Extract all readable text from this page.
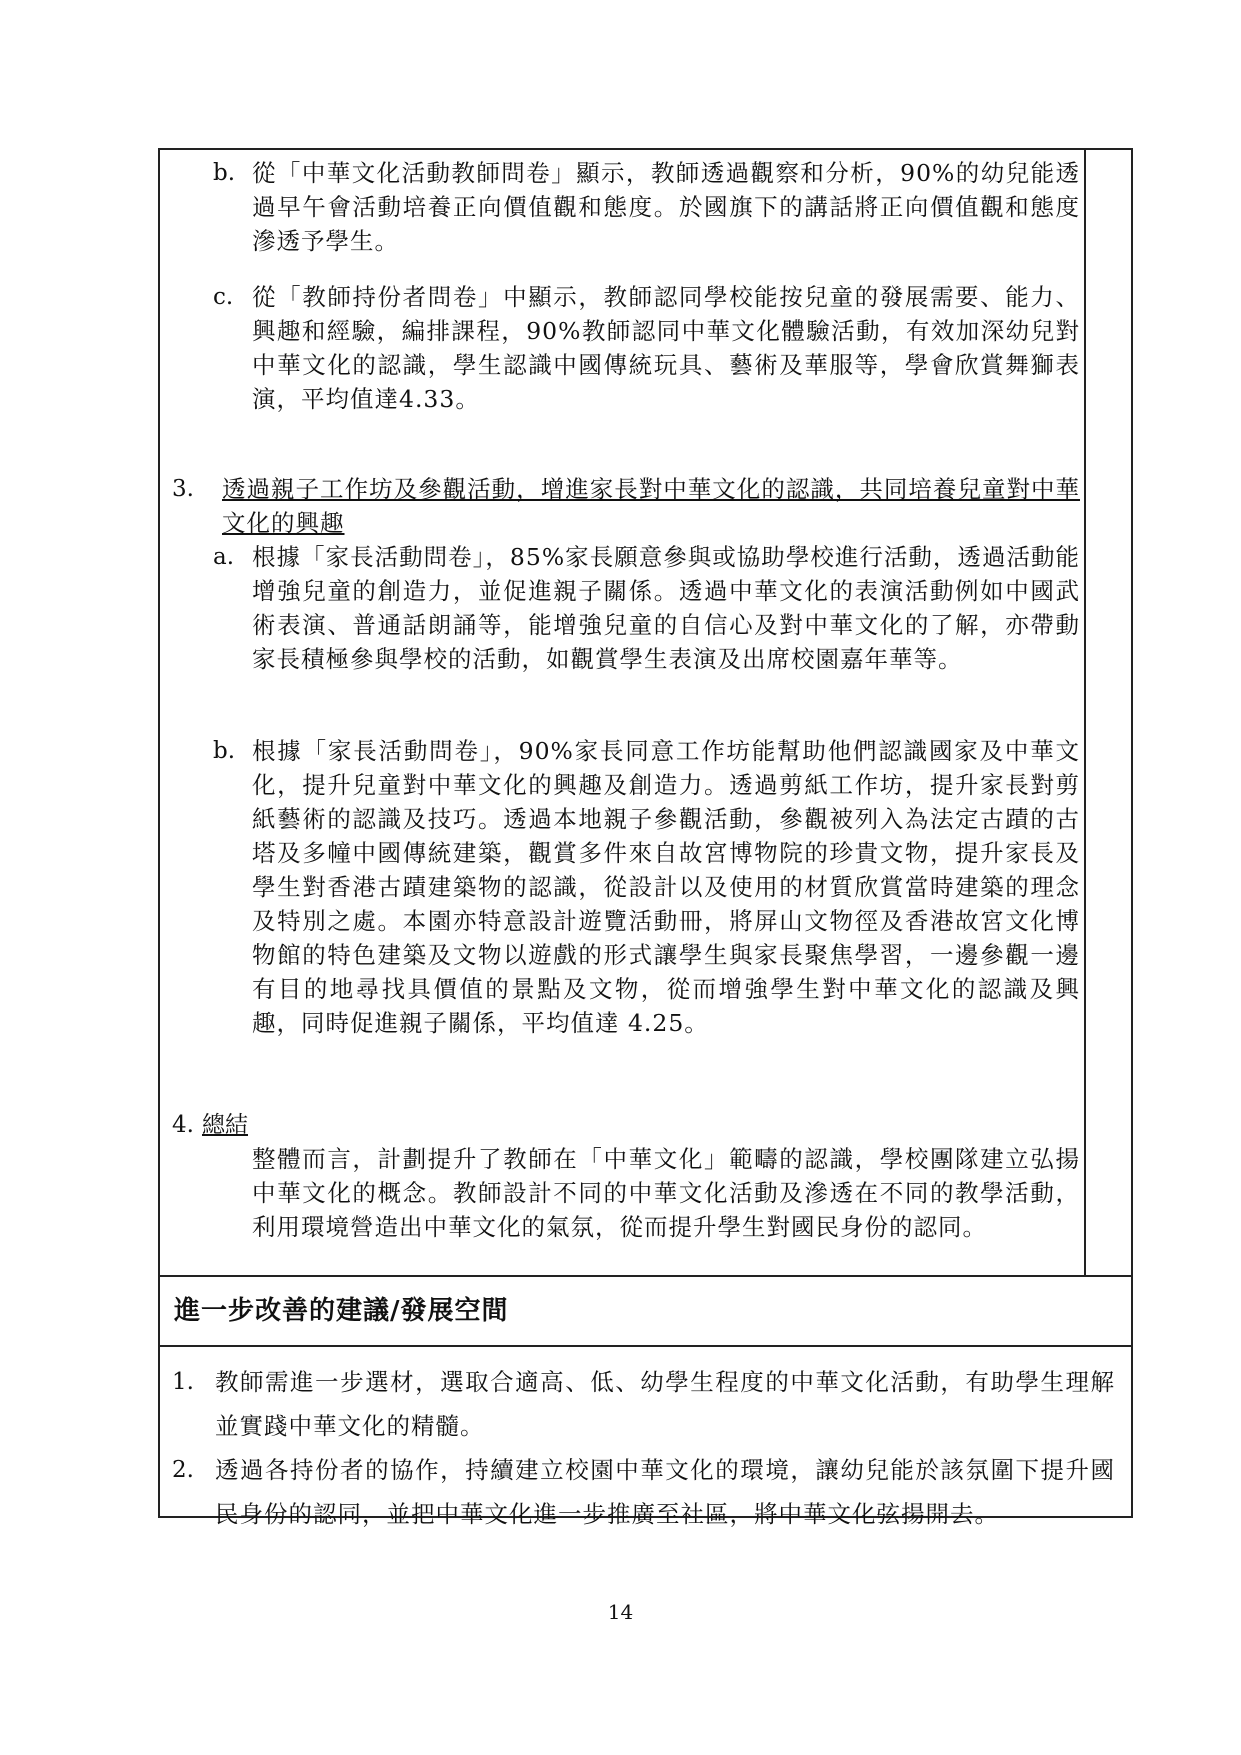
b. 從「中華文化活動教師問卷」顯示，教師透過觀察和分析，90%的幼兒能透過早午會活動培養正向價值觀和態度。於國旗下的講話將正向價值觀和態度滲透予學生。
c. 從「教師持份者問卷」中顯示，教師認同學校能按兒童的發展需要、能力、興趣和經驗，編排課程，90%教師認同中華文化體驗活動，有效加深幼兒對中華文化的認識，學生認識中國傳統玩具、藝術及華服等，學會欣賞舞獅表演，平均值達4.33。
3. 透過親子工作坊及參觀活動，增進家長對中華文化的認識，共同培養兒童對中華文化的興趣
a. 根據「家長活動問卷」，85%家長願意參與或協助學校進行活動，透過活動能增強兒童的創造力，並促進親子關係。透過中華文化的表演活動例如中國武術表演、普通話朗誦等，能增強兒童的自信心及對中華文化的了解，亦帶動家長積極參與學校的活動，如觀賞學生表演及出席校園嘉年華等。
b. 根據「家長活動問卷」，90%家長同意工作坊能幫助他們認識國家及中華文化，提升兒童對中華文化的興趣及創造力。透過剪紙工作坊，提升家長對剪紙藝術的認識及技巧。透過本地親子參觀活動，參觀被列入為法定古蹟的古塔及多幢中國傳統建築，觀賞多件來自故宮博物院的珍貴文物，提升家長及學生對香港古蹟建築物的認識，從設計以及使用的材質欣賞當時建築的理念及特別之處。本園亦特意設計遊覽活動冊，將屏山文物徑及香港故宮文化博物館的特色建築及文物以遊戲的形式讓學生與家長聚焦學習，一邊參觀一邊有目的地尋找具價值的景點及文物，從而增強學生對中華文化的認識及興趣，同時促進親子關係，平均值達 4.25。
4. 總結
整體而言，計劃提升了教師在「中華文化」範疇的認識，學校團隊建立弘揚中華文化的概念。教師設計不同的中華文化活動及滲透在不同的教學活動，利用環境營造出中華文化的氣氛，從而提升學生對國民身份的認同。
進一步改善的建議/發展空間
1. 教師需進一步選材，選取合適高、低、幼學生程度的中華文化活動，有助學生理解並實踐中華文化的精髓。
2. 透過各持份者的協作，持續建立校園中華文化的環境，讓幼兒能於該氛圍下提升國民身份的認同，並把中華文化進一步推廣至社區，將中華文化弦揚開去。
14
